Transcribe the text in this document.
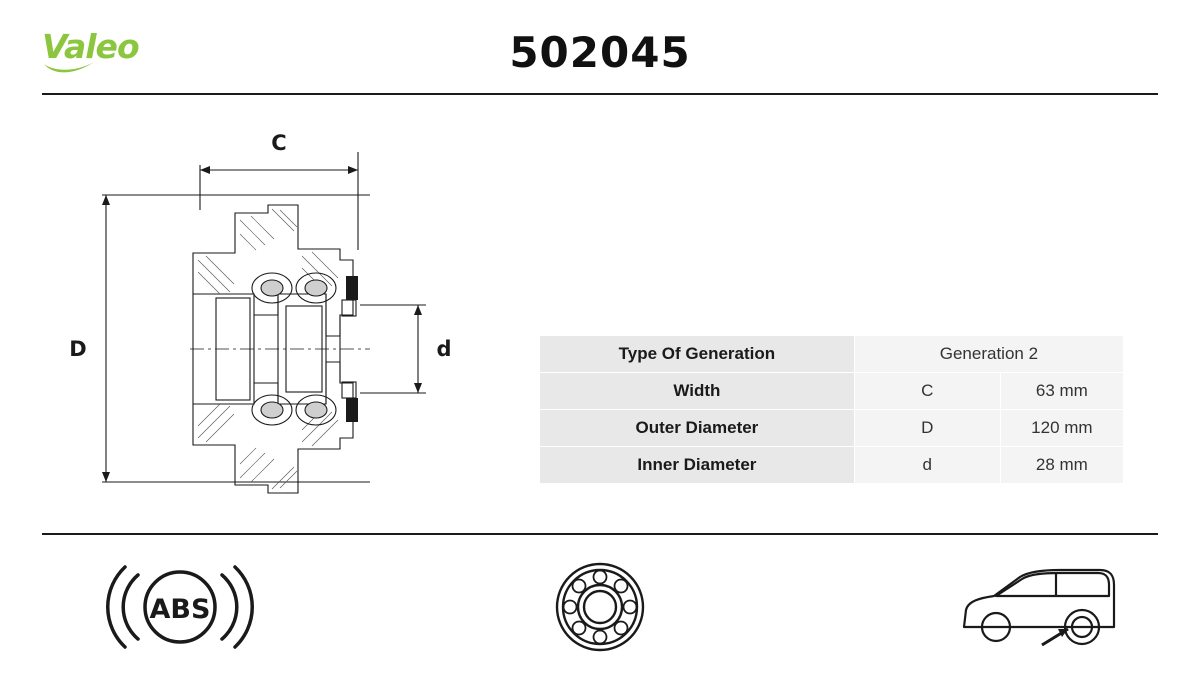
Valeo	502045
D
C
d	Type Of Generation	Generation 2	
Width	C	63 mm
Outer Diameter	D	120 mm
Inner Diameter	d	28 mm
ABS
